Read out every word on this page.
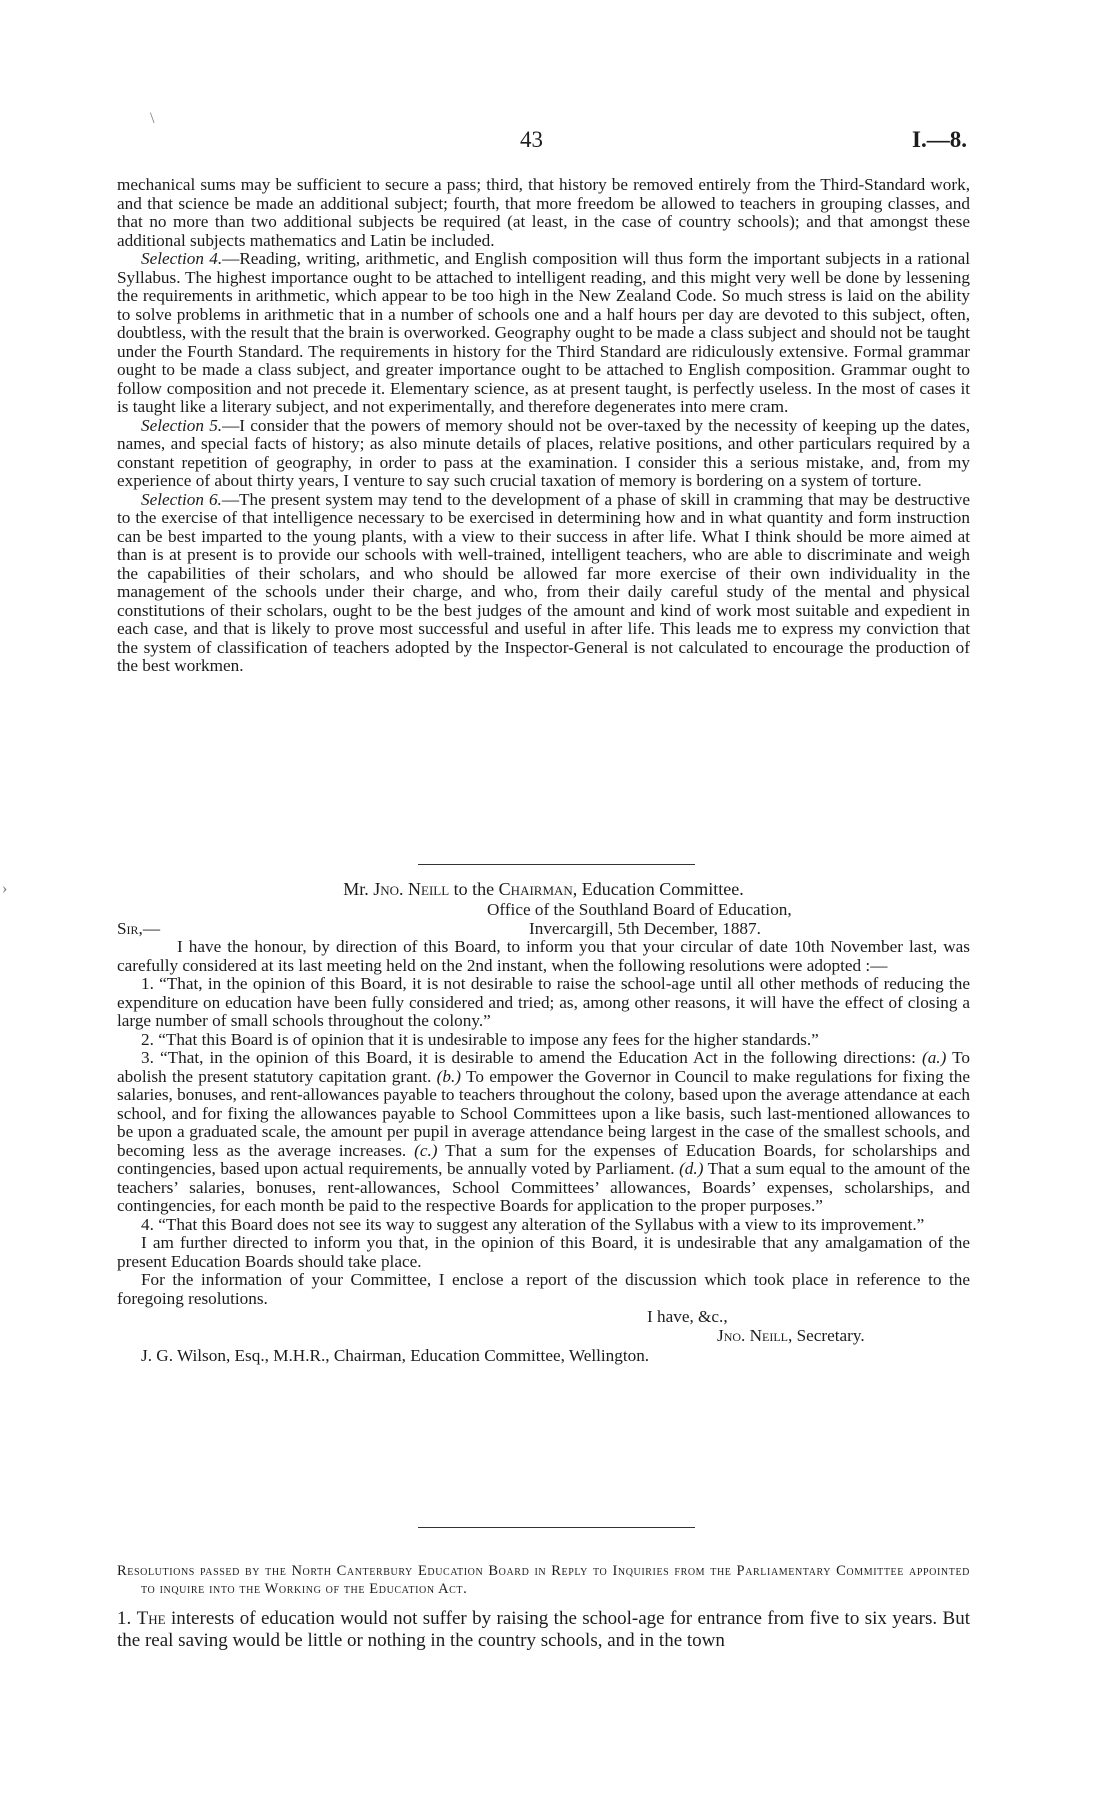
43	I.—8.
\
›

mechanical sums may be sufficient to secure a pass; third, that history be removed entirely from the Third-Standard work, and that science be made an additional subject; fourth, that more freedom be allowed to teachers in grouping classes, and that no more than two additional subjects be required (at least, in the case of country schools); and that amongst these additional subjects mathematics and Latin be included.

Selection 4.—Reading, writing, arithmetic, and English composition will thus form the important subjects in a rational Syllabus. The highest importance ought to be attached to intelligent reading, and this might very well be done by lessening the requirements in arithmetic, which appear to be too high in the New Zealand Code. So much stress is laid on the ability to solve problems in arithmetic that in a number of schools one and a half hours per day are devoted to this subject, often, doubtless, with the result that the brain is overworked. Geography ought to be made a class subject and should not be taught under the Fourth Standard. The requirements in history for the Third Standard are ridiculously extensive. Formal grammar ought to be made a class subject, and greater importance ought to be attached to English composition. Grammar ought to follow composition and not precede it. Elementary science, as at present taught, is perfectly useless. In the most of cases it is taught like a literary subject, and not experimentally, and therefore degenerates into mere cram.

Selection 5.—I consider that the powers of memory should not be over-taxed by the necessity of keeping up the dates, names, and special facts of history; as also minute details of places, relative positions, and other particulars required by a constant repetition of geography, in order to pass at the examination. I consider this a serious mistake, and, from my experience of about thirty years, I venture to say such crucial taxation of memory is bordering on a system of torture.

Selection 6.—The present system may tend to the development of a phase of skill in cramming that may be destructive to the exercise of that intelligence necessary to be exercised in determining how and in what quantity and form instruction can be best imparted to the young plants, with a view to their success in after life. What I think should be more aimed at than is at present is to provide our schools with well-trained, intelligent teachers, who are able to discriminate and weigh the capabilities of their scholars, and who should be allowed far more exercise of their own individuality in the management of the schools under their charge, and who, from their daily careful study of the mental and physical constitutions of their scholars, ought to be the best judges of the amount and kind of work most suitable and expedient in each case, and that is likely to prove most successful and useful in after life. This leads me to express my conviction that the system of classification of teachers adopted by the Inspector-General is not calculated to encourage the production of the best workmen.

Mr. Jno. Neill to the Chairman, Education Committee.

Office of the Southland Board of Education,

Sir,—	Invercargill, 5th December, 1887.

I have the honour, by direction of this Board, to inform you that your circular of date 10th November last, was carefully considered at its last meeting held on the 2nd instant, when the following resolutions were adopted :—

1. “That, in the opinion of this Board, it is not desirable to raise the school-age until all other methods of reducing the expenditure on education have been fully considered and tried; as, among other reasons, it will have the effect of closing a large number of small schools throughout the colony.”

2. “That this Board is of opinion that it is undesirable to impose any fees for the higher standards.”

3. “That, in the opinion of this Board, it is desirable to amend the Education Act in the following directions: (a.) To abolish the present statutory capitation grant. (b.) To empower the Governor in Council to make regulations for fixing the salaries, bonuses, and rent-allowances payable to teachers throughout the colony, based upon the average attendance at each school, and for fixing the allowances payable to School Committees upon a like basis, such last-mentioned allowances to be upon a graduated scale, the amount per pupil in average attendance being largest in the case of the smallest schools, and becoming less as the average increases. (c.) That a sum for the expenses of Education Boards, for scholarships and contingencies, based upon actual requirements, be annually voted by Parliament. (d.) That a sum equal to the amount of the teachers’ salaries, bonuses, rent-allowances, School Committees’ allowances, Boards’ expenses, scholarships, and contingencies, for each month be paid to the respective Boards for application to the proper purposes.”

4. “That this Board does not see its way to suggest any alteration of the Syllabus with a view to its improvement.”

I am further directed to inform you that, in the opinion of this Board, it is undesirable that any amalgamation of the present Education Boards should take place.

For the information of your Committee, I enclose a report of the discussion which took place in reference to the foregoing resolutions.

I have, &c.,

Jno. Neill, Secretary.

J. G. Wilson, Esq., M.H.R., Chairman, Education Committee, Wellington.

Resolutions passed by the North Canterbury Education Board in Reply to Inquiries from the Parliamentary Committee appointed to inquire into the Working of the Education Act.

1. The interests of education would not suffer by raising the school-age for entrance from five to six years. But the real saving would be little or nothing in the country schools, and in the town
